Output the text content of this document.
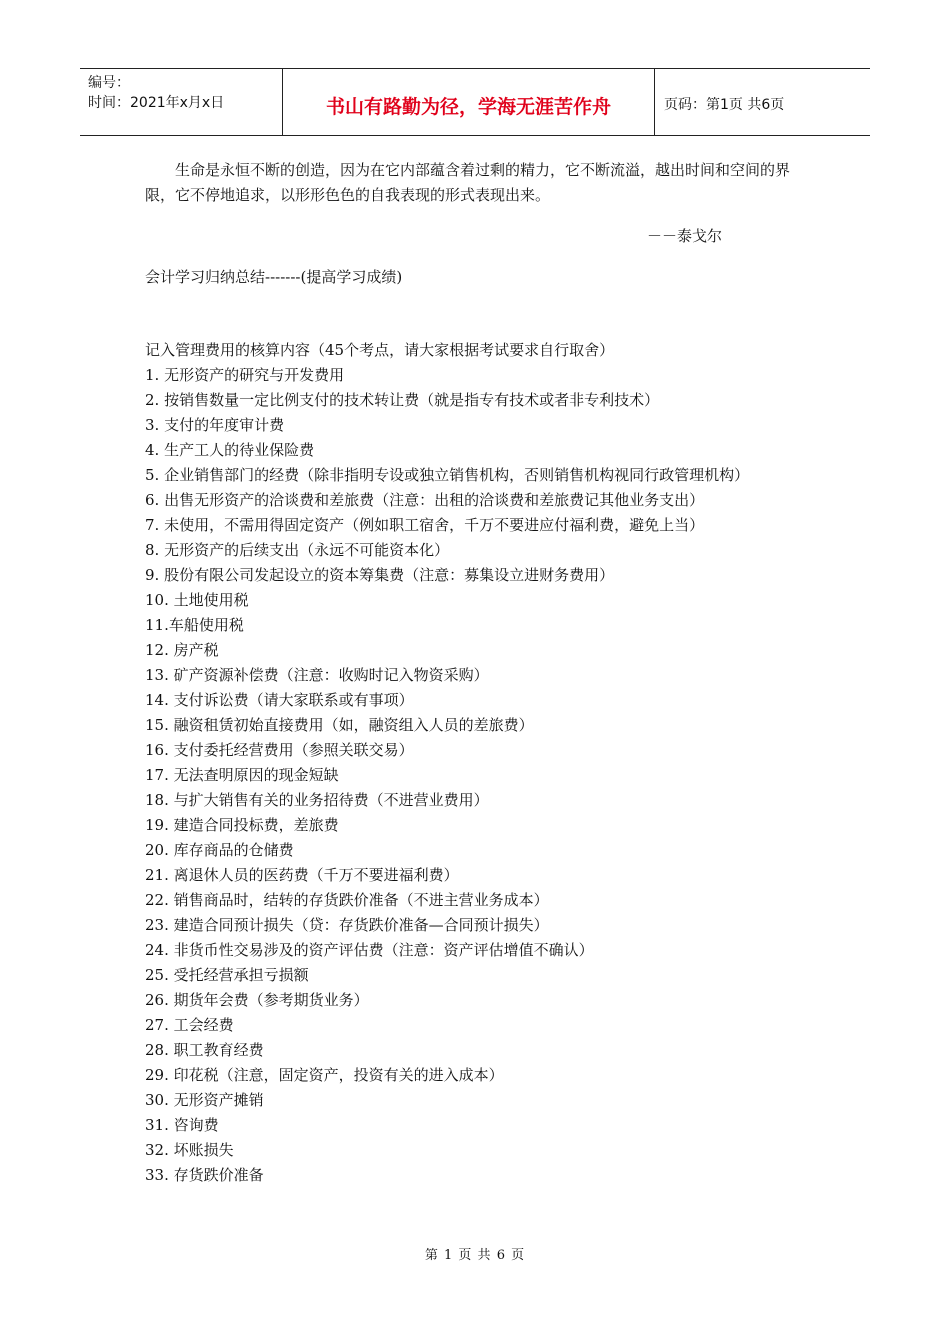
编号：
时间：2021年x月x日	书山有路勤为径，学海无涯苦作舟	页码：第1页 共6页

生命是永恒不断的创造，因为在它内部蕴含着过剩的精力，它不断流溢，越出时间和空间的界限，它不停地追求，以形形色色的自我表现的形式表现出来。

－－泰戈尔

会计学习归纳总结-------(提高学习成绩)

记入管理费用的核算内容（45个考点，请大家根据考试要求自行取舍）

1. 无形资产的研究与开发费用
2. 按销售数量一定比例支付的技术转让费（就是指专有技术或者非专利技术）
3. 支付的年度审计费
4. 生产工人的待业保险费
5. 企业销售部门的经费（除非指明专设或独立销售机构，否则销售机构视同行政管理机构）
6. 出售无形资产的洽谈费和差旅费（注意：出租的洽谈费和差旅费记其他业务支出）
7. 未使用，不需用得固定资产（例如职工宿舍，千万不要进应付福利费，避免上当）
8. 无形资产的后续支出（永远不可能资本化）
9. 股份有限公司发起设立的资本筹集费（注意：募集设立进财务费用）
10. 土地使用税
11.车船使用税
12. 房产税
13. 矿产资源补偿费（注意：收购时记入物资采购）
14. 支付诉讼费（请大家联系或有事项）
15. 融资租赁初始直接费用（如，融资组入人员的差旅费）
16. 支付委托经营费用（参照关联交易）
17. 无法查明原因的现金短缺
18. 与扩大销售有关的业务招待费（不进营业费用）
19. 建造合同投标费，差旅费
20. 库存商品的仓储费
21. 离退休人员的医药费（千万不要进福利费）
22. 销售商品时，结转的存货跌价准备（不进主营业务成本）
23. 建造合同预计损失（贷：存货跌价准备—合同预计损失）
24. 非货币性交易涉及的资产评估费（注意：资产评估增值不确认）
25. 受托经营承担亏损额
26. 期货年会费（参考期货业务）
27. 工会经费
28. 职工教育经费
29. 印花税（注意，固定资产，投资有关的进入成本）
30. 无形资产摊销
31. 咨询费
32. 坏账损失
33. 存货跌价准备
第 1 页 共 6 页
